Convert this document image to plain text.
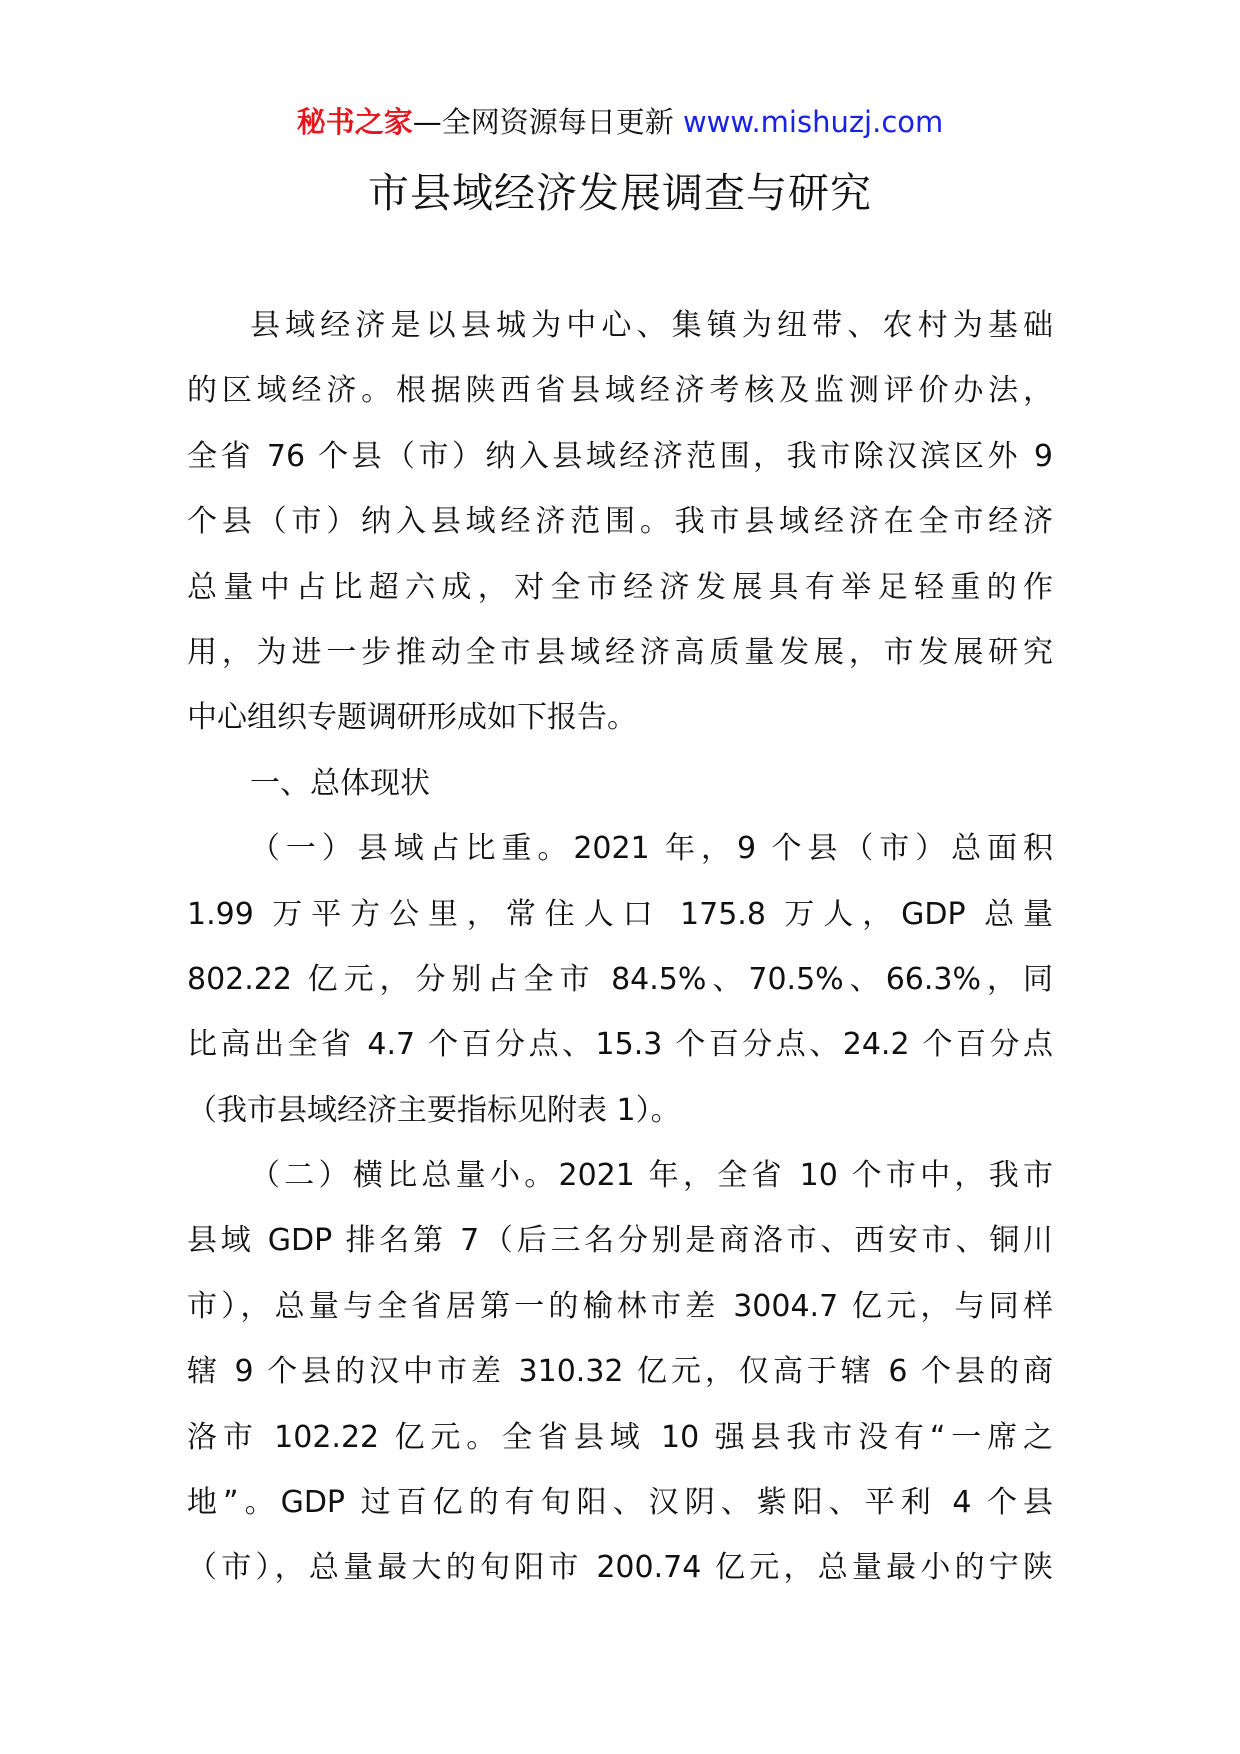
秘书之家—全网资源每日更新 www.mishuzj.com
市县域经济发展调查与研究
县域经济是以县城为中心、集镇为纽带、农村为基础
的区域经济。根据陕西省县域经济考核及监测评价办法，
全省 76 个县（市）纳入县域经济范围，我市除汉滨区外 9
个县（市）纳入县域经济范围。我市县域经济在全市经济
总量中占比超六成，对全市经济发展具有举足轻重的作
用，为进一步推动全市县域经济高质量发展，市发展研究
中心组织专题调研形成如下报告。
一、总体现状
（一）县域占比重。2021 年，9 个县（市）总面积
1.99 万平方公里，常住人口 175.8 万人，GDP 总量
802.22 亿元，分别占全市 84.5%、70.5%、66.3%，同
比高出全省 4.7 个百分点、15.3 个百分点、24.2 个百分点
（我市县域经济主要指标见附表 1）。
（二）横比总量小。2021 年，全省 10 个市中，我市
县域 GDP 排名第 7（后三名分别是商洛市、西安市、铜川
市），总量与全省居第一的榆林市差 3004.7 亿元，与同样
辖 9 个县的汉中市差 310.32 亿元，仅高于辖 6 个县的商
洛市 102.22 亿元。全省县域 10 强县我市没有“一席之
地”。GDP 过百亿的有旬阳、汉阴、紫阳、平利 4 个县
（市），总量最大的旬阳市 200.74 亿元，总量最小的宁陕
